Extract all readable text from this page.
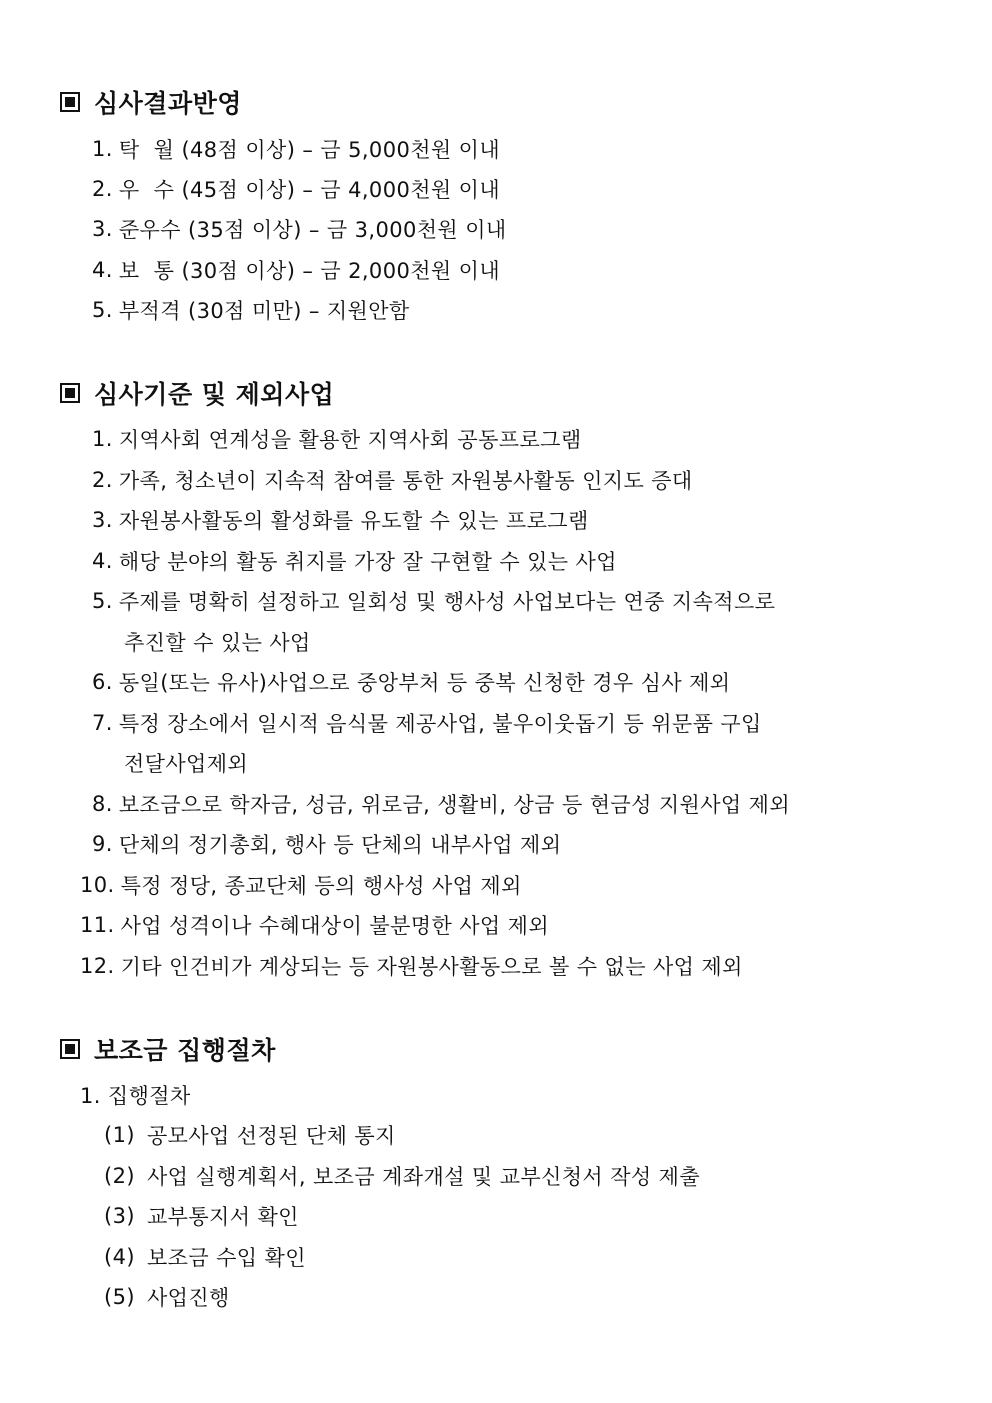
심사결과반영
1. 탁  월 (48점 이상) – 금 5,000천원 이내
2. 우  수 (45점 이상) – 금 4,000천원 이내
3. 준우수 (35점 이상) – 금 3,000천원 이내
4. 보  통 (30점 이상) – 금 2,000천원 이내
5. 부적격 (30점 미만) – 지원안함
심사기준 및 제외사업
1. 지역사회 연계성을 활용한 지역사회 공동프로그램
2. 가족, 청소년이 지속적 참여를 통한 자원봉사활동 인지도 증대
3. 자원봉사활동의 활성화를 유도할 수 있는 프로그램
4. 해당 분야의 활동 취지를 가장 잘 구현할 수 있는 사업
5. 주제를 명확히 설정하고 일회성 및 행사성 사업보다는 연중 지속적으로
추진할 수 있는 사업
6. 동일(또는 유사)사업으로 중앙부처 등 중복 신청한 경우 심사 제외
7. 특정 장소에서 일시적 음식물 제공사업, 불우이웃돕기 등 위문품 구입
전달사업제외
8. 보조금으로 학자금, 성금, 위로금, 생활비, 상금 등 현금성 지원사업 제외
9. 단체의 정기총회, 행사 등 단체의 내부사업 제외
10. 특정 정당, 종교단체 등의 행사성 사업 제외
11. 사업 성격이나 수혜대상이 불분명한 사업 제외
12. 기타 인건비가 계상되는 등 자원봉사활동으로 볼 수 없는 사업 제외
보조금 집행절차
1. 집행절차
(1) 공모사업 선정된 단체 통지
(2) 사업 실행계획서, 보조금 계좌개설 및 교부신청서 작성 제출
(3) 교부통지서 확인
(4) 보조금 수입 확인
(5) 사업진행
